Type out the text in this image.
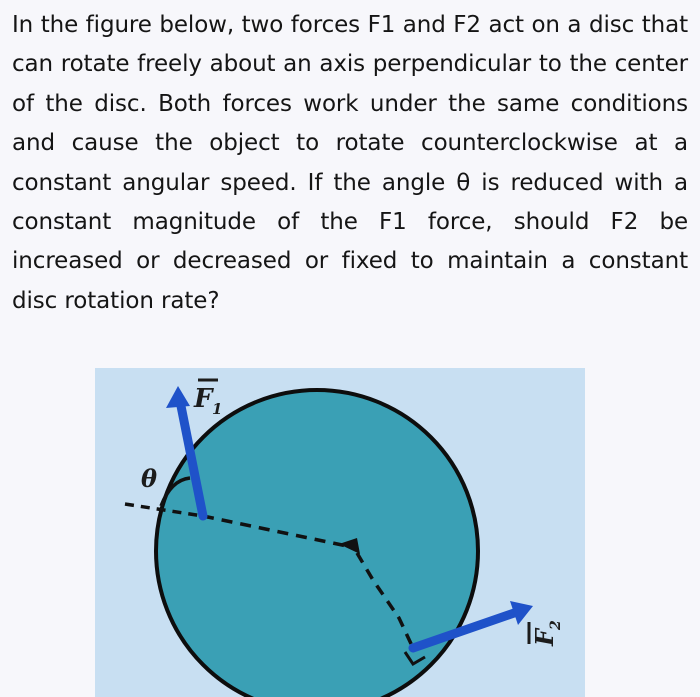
In the figure below, two forces F1 and F2 act on a disc that can rotate freely about an axis perpendicular to the center of the disc. Both forces work under the same conditions and cause the object to rotate counterclockwise at a constant angular speed. If the angle θ is reduced with a constant magnitude of the F1 force, should F2 be increased or decreased or fixed to maintain a constant disc rotation rate?

F 1
θ
F
2
